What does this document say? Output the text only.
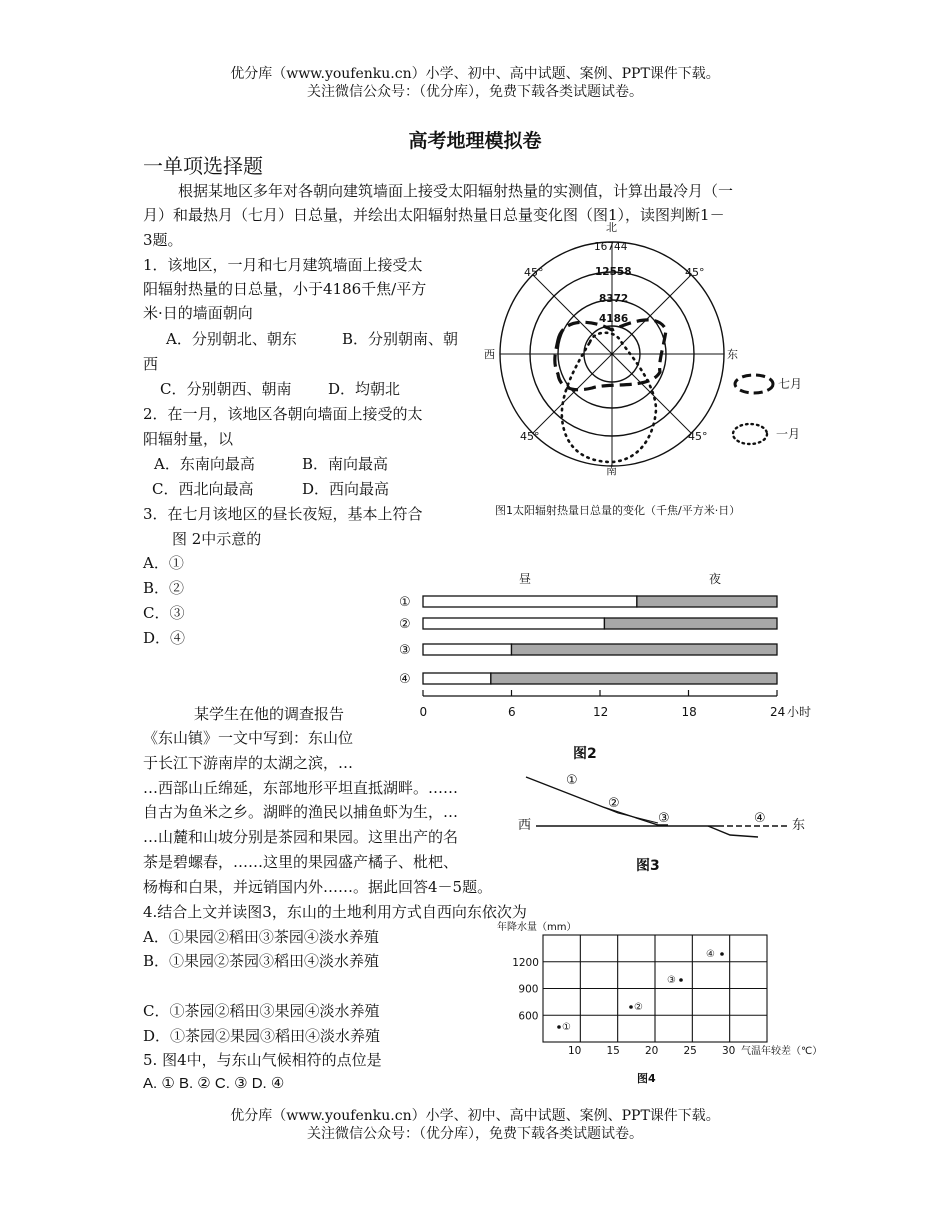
优分库（www.youfenku.cn）小学、初中、高中试题、案例、PPT课件下载。
关注微信公众号：（优分库），免费下载各类试题试卷。
高考地理模拟卷
一单项选择题
根据某地区多年对各朝向建筑墙面上接受太阳辐射热量的实测值，计算出最冷月（一
月）和最热月（七月）日总量，并绘出太阳辐射热量日总量变化图（图1），读图判断1－
3题。
1．该地区，一月和七月建筑墙面上接受太
阳辐射热量的日总量，小于4186千焦/平方
米·日的墙面朝向
A．分别朝北、朝东	B．分别朝南、朝
西
C．分别朝西、朝南 D．均朝北
2．在一月，该地区各朝向墙面上接受的太
阳辐射量，以
A．东南向最高	B．南向最高
C．西北向最高	D．西向最高
3．在七月该地区的昼长夜短，基本上符合
图 2中示意的
A．①
B．②
C．③
D．④
某学生在他的调查报告
《东山镇》一文中写到：东山位
于长江下游南岸的太湖之滨，…
…西部山丘绵延，东部地形平坦直抵湖畔。……
自古为鱼米之乡。湖畔的渔民以捕鱼虾为生，…
…山麓和山坡分别是茶园和果园。这里出产的名
茶是碧螺春，……这里的果园盛产橘子、枇杷、
杨梅和白果，并远销国内外……。据此回答4－5题。
4.结合上文并读图3，东山的土地利用方式自西向东依次为
A．①果园②稻田③茶园④淡水养殖
B．①果园②茶园③稻田④淡水养殖
C．①茶园②稻田③果园④淡水养殖
D．①茶园②果园③稻田④淡水养殖
5. 图4中，与东山气候相符的点位是
A. ① B. ② C. ③ D. ④
优分库（www.youfenku.cn）小学、初中、高中试题、案例、PPT课件下载。
关注微信公众号：（优分库），免费下载各类试题试卷。
北
南
西	东
45°	45°
45°	45°
16744
12558
8372
4186
七月
一月
图1太阳辐射热量日总量的变化（千焦/平方米·日）
昼	夜
①
②
③
④
0	6	12	18	24 小时
图2
西	东
①
②
③	④
图3
年降水量（mm）
1200
900
600
10 15 20 25 30 气温年较差（℃）
①
②
③
④
图4
